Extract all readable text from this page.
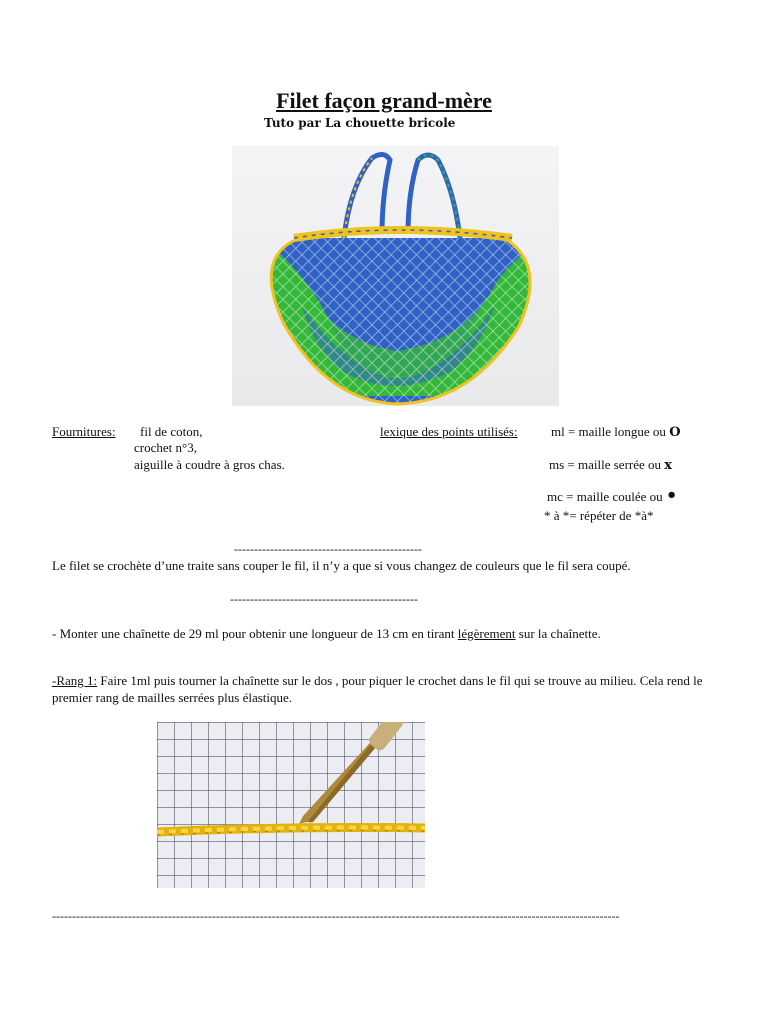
Filet façon grand-mère
Tuto par La chouette bricole
Fournitures: fil de coton,
crochet n°3,
aiguille à coudre à gros chas.
lexique des points utilisés:	ml = maille longue ou O
ms = maille serrée ou x
mc = maille coulée ou •
* à *= répéter de *à*
-----------------------------------------------
Le filet se crochète d’une traite sans couper le fil, il n’y a que si vous changez de couleurs que le fil sera coupé.
-----------------------------------------------
- Monter une chaînette de 29 ml pour obtenir une longueur de 13 cm en tirant légèrement sur la chaînette.
-Rang 1: Faire 1ml puis tourner la chaînette sur le dos , pour piquer le crochet dans le fil qui se trouve au milieu. Cela rend le premier rang de mailles serrées plus élastique.
----------------------------------------------------------------------------------------------------------------------------------------------
